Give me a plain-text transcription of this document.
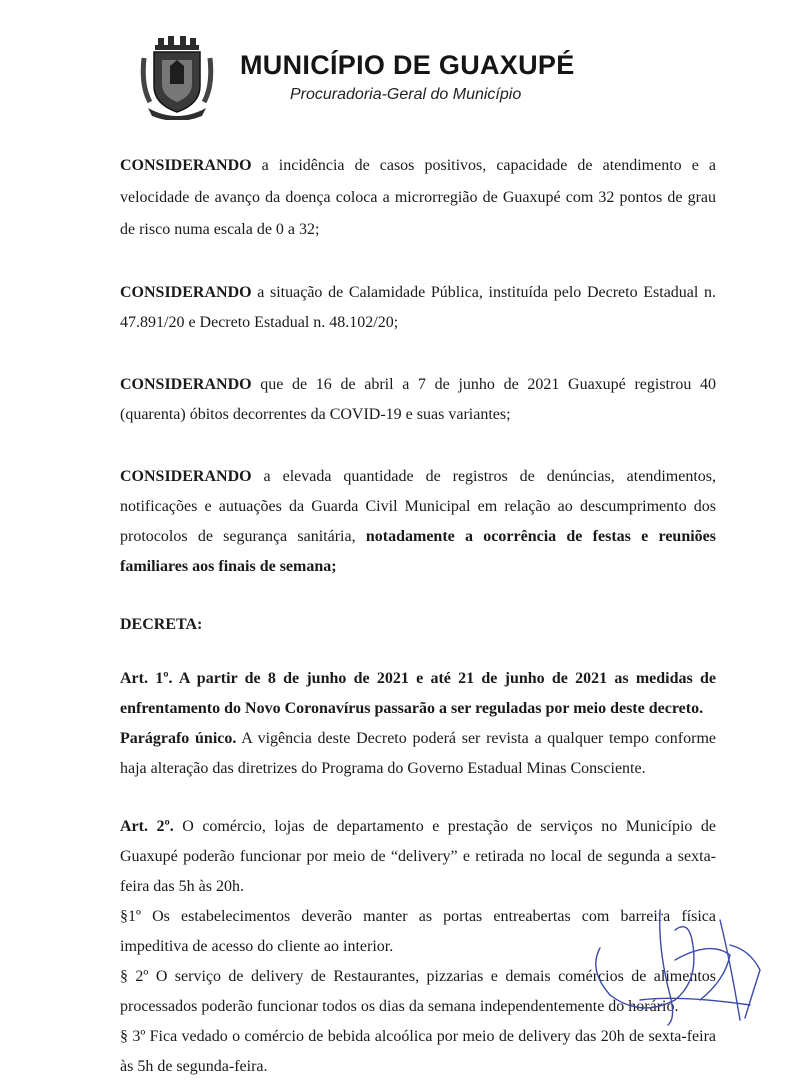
MUNICÍPIO DE GUAXUPÉ
Procuradoria-Geral do Município

CONSIDERANDO a incidência de casos positivos, capacidade de atendimento e a velocidade de avanço da doença coloca a microrregião de Guaxupé com 32 pontos de grau de risco numa escala de 0 a 32;

CONSIDERANDO a situação de Calamidade Pública, instituída pelo Decreto Estadual n. 47.891/20 e Decreto Estadual n. 48.102/20;

CONSIDERANDO que de 16 de abril a 7 de junho de 2021 Guaxupé registrou 40 (quarenta) óbitos decorrentes da COVID-19 e suas variantes;

CONSIDERANDO a elevada quantidade de registros de denúncias, atendimentos, notificações e autuações da Guarda Civil Municipal em relação ao descumprimento dos protocolos de segurança sanitária, notadamente a ocorrência de festas e reuniões familiares aos finais de semana;

DECRETA:

Art. 1º. A partir de 8 de junho de 2021 e até 21 de junho de 2021 as medidas de enfrentamento do Novo Coronavírus passarão a ser reguladas por meio deste decreto.

Parágrafo único. A vigência deste Decreto poderá ser revista a qualquer tempo conforme haja alteração das diretrizes do Programa do Governo Estadual Minas Consciente.

Art. 2º. O comércio, lojas de departamento e prestação de serviços no Município de Guaxupé poderão funcionar por meio de “delivery” e retirada no local de segunda a sexta-feira das 5h às 20h.

§1º Os estabelecimentos deverão manter as portas entreabertas com barreira física impeditiva de acesso do cliente ao interior.

§ 2º O serviço de delivery de Restaurantes, pizzarias e demais comércios de alimentos processados poderão funcionar todos os dias da semana independentemente do horário.

§ 3º Fica vedado o comércio de bebida alcoólica por meio de delivery das 20h de sexta-feira às 5h de segunda-feira.
